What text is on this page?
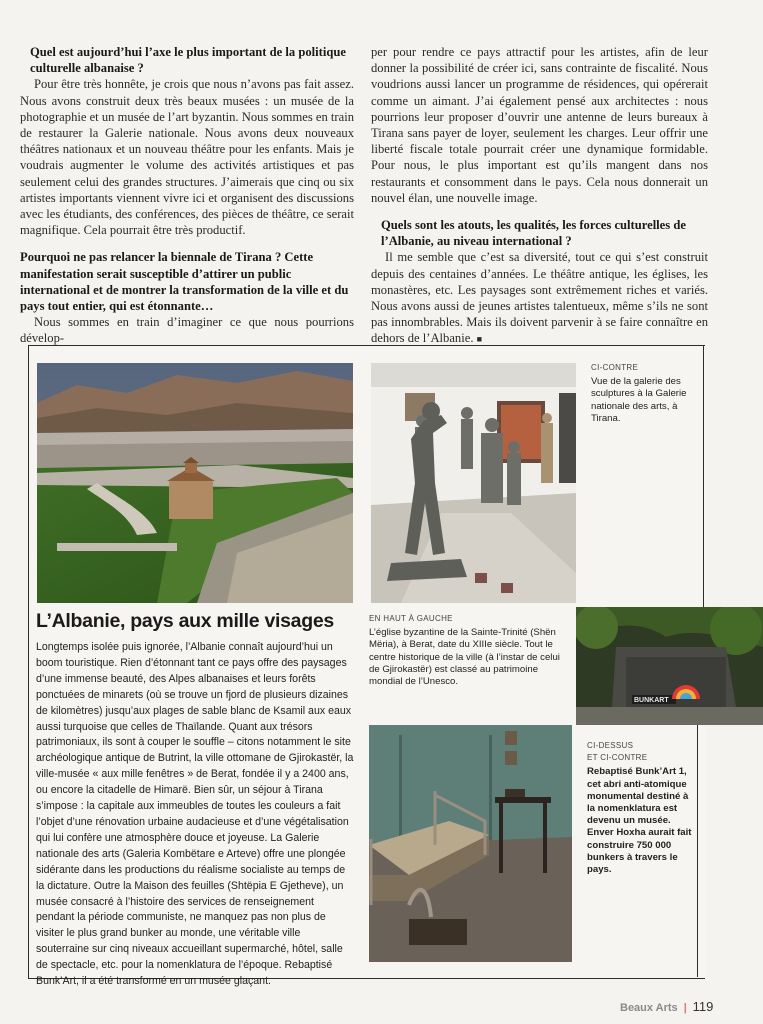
Quel est aujourd’hui l’axe le plus important de la politique culturelle albanaise ?

Pour être très honnête, je crois que nous n’avons pas fait assez. Nous avons construit deux très beaux musées : un musée de la photographie et un musée de l’art byzantin. Nous sommes en train de restaurer la Galerie nationale. Nous avons deux nouveaux théâtres nationaux et un nouveau théâtre pour les enfants. Mais je voudrais augmenter le volume des activités artistiques et pas seulement celui des grandes structures. J’aimerais que cinq ou six artistes importants viennent vivre ici et organisent des discussions avec les étudiants, des conférences, des pièces de théâtre, ce serait magnifique. Cela pourrait être très productif.

Pourquoi ne pas relancer la biennale de Tirana ? Cette manifestation serait susceptible d’attirer un public international et de montrer la transformation de la ville et du pays tout entier, qui est étonnante…

Nous sommes en train d’imaginer ce que nous pourrions dévelop-

per pour rendre ce pays attractif pour les artistes, afin de leur donner la possibilité de créer ici, sans contrainte de fiscalité. Nous voudrions aussi lancer un programme de résidences, qui opérerait comme un aimant. J’ai également pensé aux architectes : nous pourrions leur proposer d’ouvrir une antenne de leurs bureaux à Tirana sans payer de loyer, seulement les charges. Leur offrir une liberté fiscale totale pourrait créer une dynamique formidable. Pour nous, le plus important est qu’ils mangent dans nos restaurants et consomment dans le pays. Cela nous donnerait un nouvel élan, une nouvelle image.

Quels sont les atouts, les qualités, les forces culturelles de l’Albanie, au niveau international ?

Il me semble que c’est sa diversité, tout ce qui s’est construit depuis des centaines d’années. Le théâtre antique, les églises, les monastères, etc. Les paysages sont extrêmement riches et variés. Nous avons aussi de jeunes artistes talentueux, même s’ils ne sont pas innombrables. Mais ils doivent parvenir à se faire connaître en dehors de l’Albanie. ■

CI-CONTRE
Vue de la galerie des sculptures à la Galerie nationale des arts, à Tirana.
L’Albanie, pays aux mille visages
Longtemps isolée puis ignorée, l’Albanie connaît aujourd’hui un boom touristique. Rien d’étonnant tant ce pays offre des paysages d’une immense beauté, des Alpes albanaises et leurs forêts ponctuées de minarets (où se trouve un fjord de plusieurs dizaines de kilomètres) jusqu’aux plages de sable blanc de Ksamil aux eaux aussi turquoise que celles de Thaïlande. Quant aux trésors patrimoniaux, ils sont à couper le souffle – citons notamment le site archéologique antique de Butrint, la ville ottomane de Gjirokastër, la ville-musée « aux mille fenêtres » de Berat, fondée il y a 2400 ans, ou encore la citadelle de Himarë. Bien sûr, un séjour à Tirana s’impose : la capitale aux immeubles de toutes les couleurs a fait l’objet d’une rénovation urbaine audacieuse et d’une végétalisation qui lui confère une atmosphère douce et joyeuse. La Galerie nationale des arts (Galeria Kombëtare e Arteve) offre une plongée sidérante dans les productions du réalisme socialiste au temps de la dictature. Outre la Maison des feuilles (Shtëpia E Gjetheve), un musée consacré à l’histoire des services de renseignement pendant la période communiste, ne manquez pas non plus de visiter le plus grand bunker au monde, une véritable ville souterraine sur cinq niveaux accueillant supermarché, hôtel, salle de spectacle, etc. pour la nomenklatura de l’époque. Rebaptisé Bunk’Art, il a été transformé en un musée glaçant.
EN HAUT À GAUCHE
L’église byzantine de la Sainte-Trinité (Shën Mëria), à Berat, date du XIIIe siècle. Tout le centre historique de la ville (à l’instar de celui de Gjirokastër) est classé au patrimoine mondial de l’Unesco.
BUNKART
CI-DESSUS
ET CI-CONTRE
Rebaptisé Bunk’Art 1, cet abri anti-atomique monumental destiné à la nomenklatura est devenu un musée. Enver Hoxha aurait fait construire 750 000 bunkers à travers le pays.
Beaux Arts | 119
